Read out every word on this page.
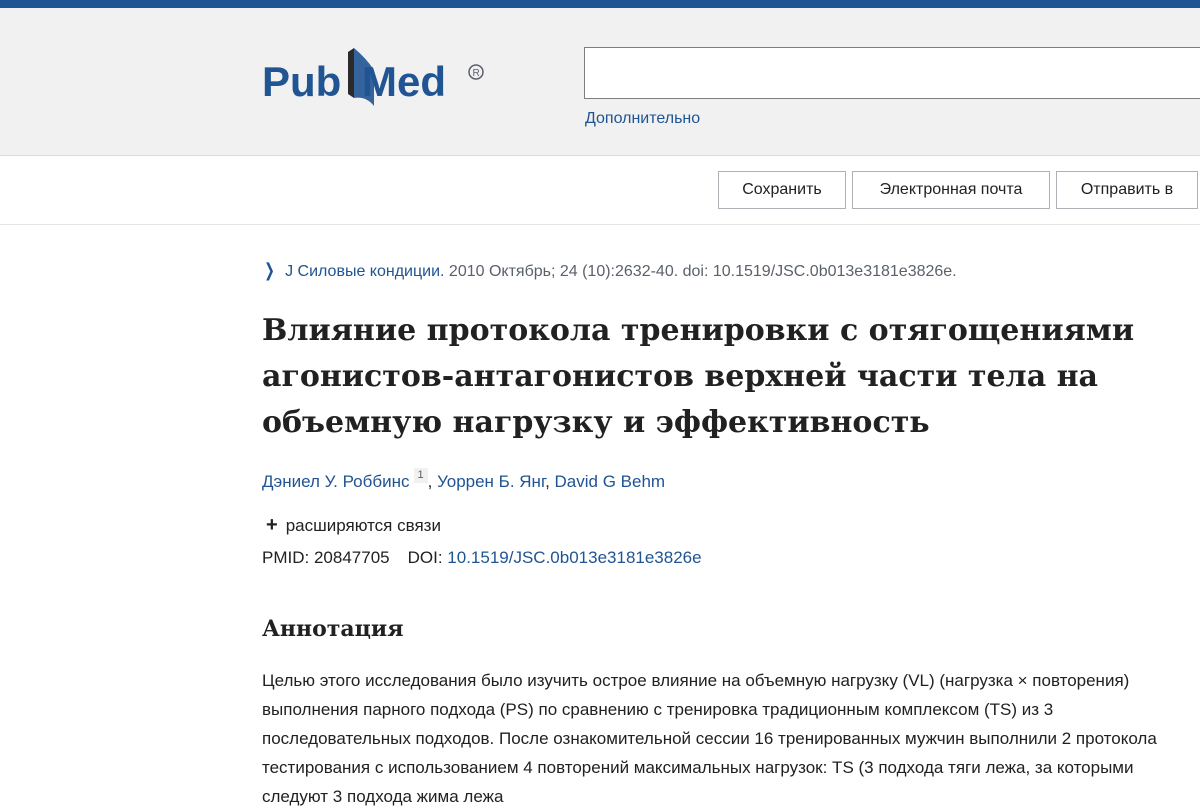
Pub Med	R
Дополнительно
Сохранить	Электронная почта	Отправить в
❯ J Силовые кондиции. 2010 Октябрь; 24 (10):2632-40. doi: 10.1519/JSC.0b013e3181e3826e.
Влияние протокола тренировки с отягощениями агонистов-антагонистов верхней части тела на объемную нагрузку и эффективность
Дэниел У. Роббинс 1 , Уоррен Б. Янг, David G Behm
+ расширяются связи
PMID: 20847705 DOI: 10.1519/JSC.0b013e3181e3826e
Аннотация

Целью этого исследования было изучить острое влияние на объемную нагрузку (VL) (нагрузка × повторения) выполнения парного подхода (PS) по сравнению с тренировка традиционным комплексом (TS) из 3 последовательных подходов. После ознакомительной сессии 16 тренированных мужчин выполнили 2 протокола тестирования с использованием 4 повторений максимальных нагрузок: TS (3 подхода тяги лежа, за которыми следуют 3 подхода жима лежа
